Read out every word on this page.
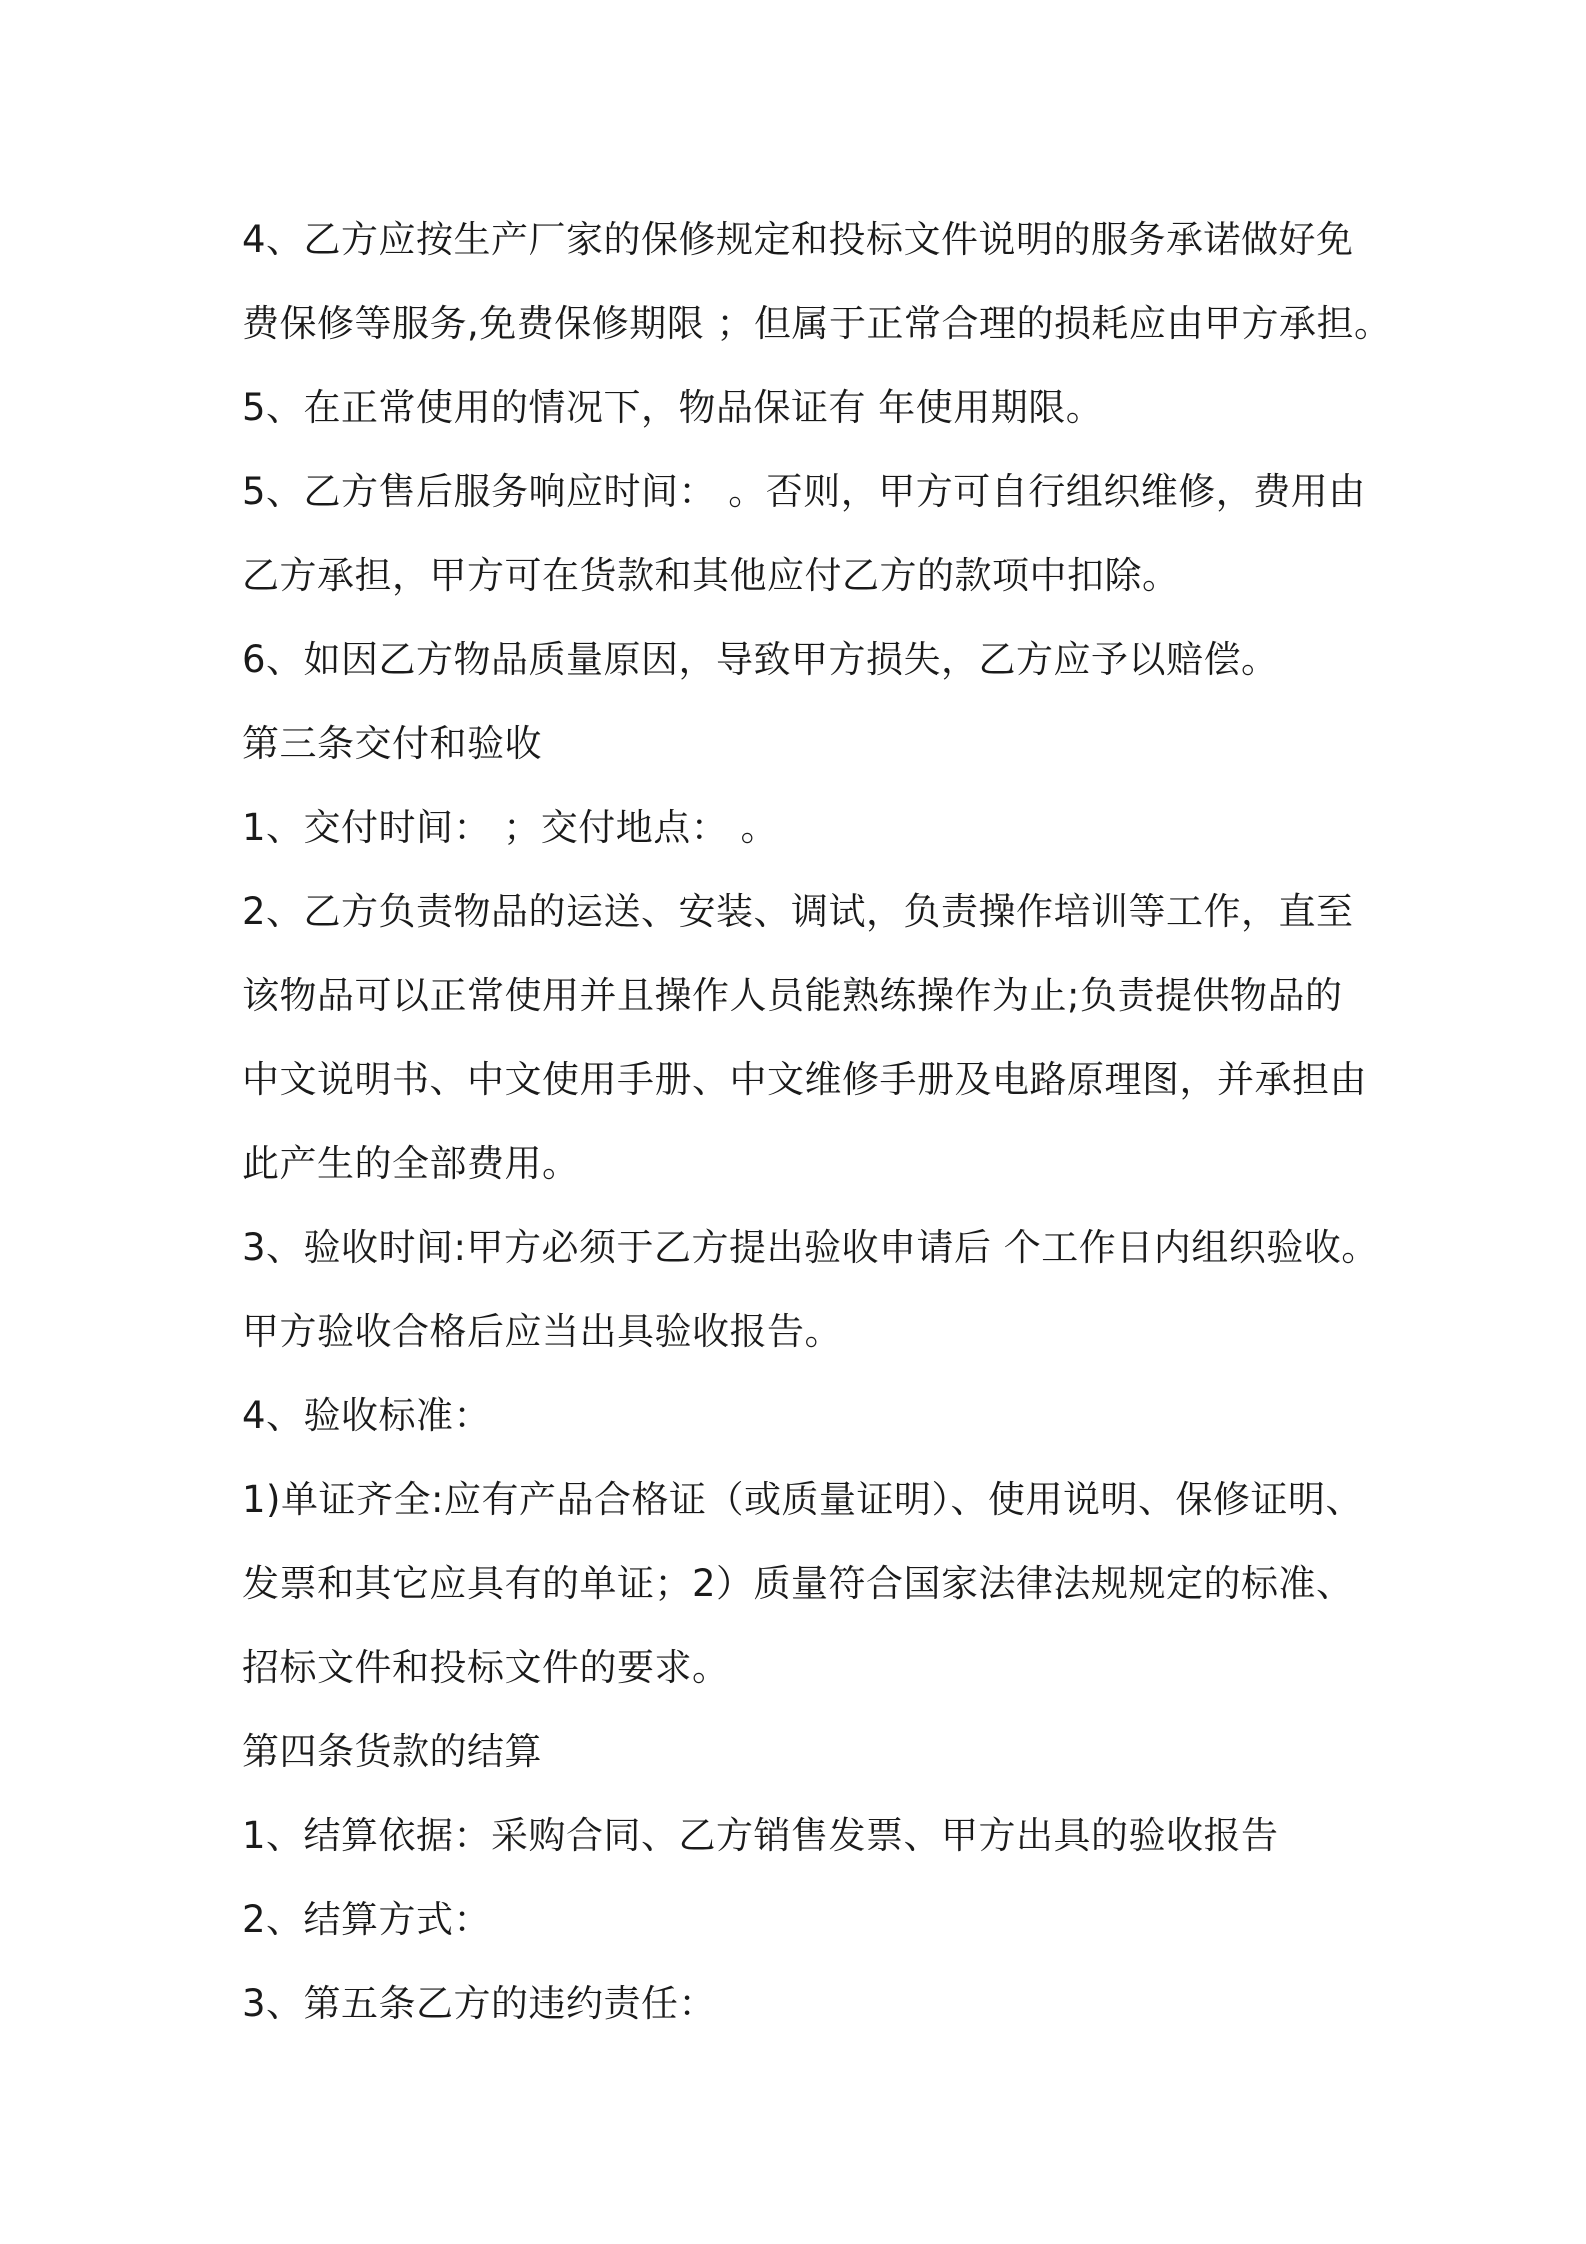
4、乙方应按生产厂家的保修规定和投标文件说明的服务承诺做好免
费保修等服务,免费保修期限 ；但属于正常合理的损耗应由甲方承担。
5、在正常使用的情况下，物品保证有 年使用期限。
5、乙方售后服务响应时间： 。否则，甲方可自行组织维修，费用由
乙方承担，甲方可在货款和其他应付乙方的款项中扣除。
6、如因乙方物品质量原因，导致甲方损失，乙方应予以赔偿。
第三条交付和验收
1、交付时间： ；交付地点： 。
2、乙方负责物品的运送、安装、调试，负责操作培训等工作，直至
该物品可以正常使用并且操作人员能熟练操作为止;负责提供物品的
中文说明书、中文使用手册、中文维修手册及电路原理图，并承担由
此产生的全部费用。
3、验收时间:甲方必须于乙方提出验收申请后 个工作日内组织验收。
甲方验收合格后应当出具验收报告。
4、验收标准：
1)单证齐全:应有产品合格证（或质量证明）、使用说明、保修证明、
发票和其它应具有的单证；2）质量符合国家法律法规规定的标准、
招标文件和投标文件的要求。
第四条货款的结算
1、结算依据：采购合同、乙方销售发票、甲方出具的验收报告
2、结算方式：
3、第五条乙方的违约责任：
